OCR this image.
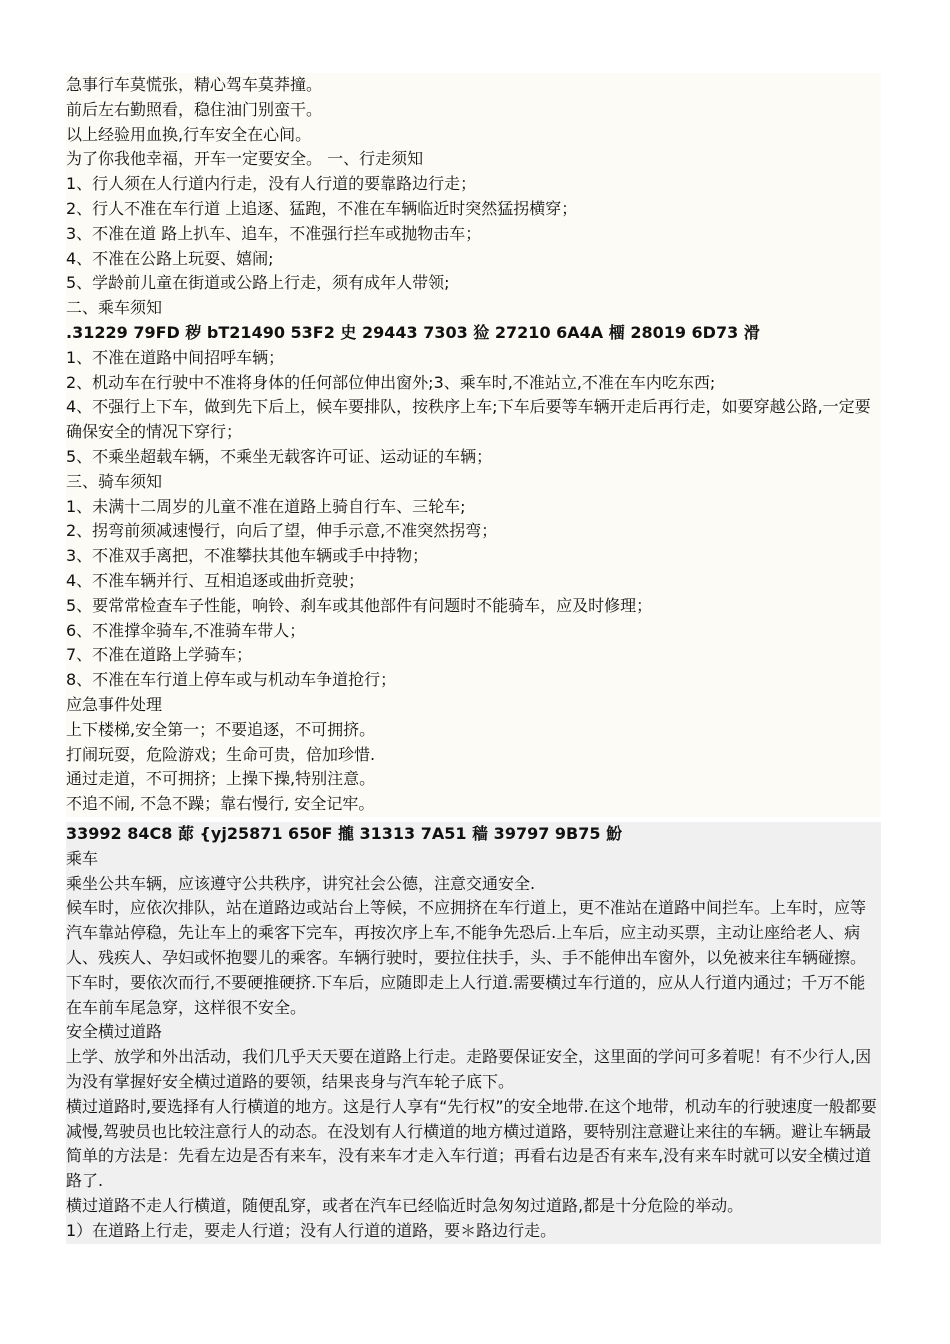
急事行车莫慌张，精心驾车莫莽撞。

前后左右勤照看，稳住油门别蛮干。

以上经验用血换,行车安全在心间。

为了你我他幸福，开车一定要安全。 一、行走须知

1、行人须在人行道内行走，没有人行道的要靠路边行走；

2、行人不准在车行道 上追逐、猛跑，不准在车辆临近时突然猛拐横穿；

3、不准在道 路上扒车、追车，不准强行拦车或抛物击车；

4、不准在公路上玩耍、嬉闹;

5、学龄前儿童在街道或公路上行走，须有成年人带领;

二、乘车须知

.31229 79FD 秽 bT21490 53F2 史 29443 7303 猃 27210 6A4A 橊 28019 6D73 滑

1、不准在道路中间招呼车辆；

2、机动车在行驶中不准将身体的任何部位伸出窗外;3、乘车时,不准站立,不准在车内吃东西;

4、不强行上下车，做到先下后上，候车要排队，按秩序上车;下车后要等车辆开走后再行走，如要穿越公路,一定要确保安全的情况下穿行；

5、不乘坐超载车辆，不乘坐无载客许可证、运动证的车辆；

三、骑车须知

1、未满十二周岁的儿童不准在道路上骑自行车、三轮车;

2、拐弯前须减速慢行，向后了望，伸手示意,不准突然拐弯；

3、不准双手离把，不准攀扶其他车辆或手中持物；

4、不准车辆并行、互相追逐或曲折竞驶；

5、要常常检查车子性能，响铃、刹车或其他部件有问题时不能骑车，应及时修理；

6、不准撑伞骑车,不准骑车带人；

7、不准在道路上学骑车；

8、不准在车行道上停车或与机动车争道抢行；

应急事件处理

上下楼梯,安全第一；不要追逐，不可拥挤。

打闹玩耍，危险游戏；生命可贵，倍加珍惜.

通过走道，不可拥挤；上操下操,特别注意。

不追不闹, 不急不躁；靠右慢行, 安全记牢。

33992 84C8 蓈 {yj25871 650F 攏 31313 7A51 穑 39797 9B75 魵

乘车

乘坐公共车辆，应该遵守公共秩序，讲究社会公德，注意交通安全.

候车时，应依次排队，站在道路边或站台上等候，不应拥挤在车行道上，更不准站在道路中间拦车。上车时，应等汽车靠站停稳，先让车上的乘客下完车，再按次序上车,不能争先恐后.上车后，应主动买票，主动让座给老人、病人、残疾人、孕妇或怀抱婴儿的乘客。车辆行驶时，要拉住扶手，头、手不能伸出车窗外，以免被来往车辆碰擦。下车时，要依次而行,不要硬推硬挤.下车后，应随即走上人行道.需要横过车行道的，应从人行道内通过；千万不能在车前车尾急穿，这样很不安全。

安全横过道路

上学、放学和外出活动，我们几乎天天要在道路上行走。走路要保证安全，这里面的学问可多着呢！有不少行人,因为没有掌握好安全横过道路的要领，结果丧身与汽车轮子底下。

横过道路时,要选择有人行横道的地方。这是行人享有“先行权”的安全地带.在这个地带，机动车的行驶速度一般都要减慢,驾驶员也比较注意行人的动态。在没划有人行横道的地方横过道路，要特别注意避让来往的车辆。避让车辆最简单的方法是：先看左边是否有来车，没有来车才走入车行道；再看右边是否有来车,没有来车时就可以安全横过道路了.

横过道路不走人行横道，随便乱穿，或者在汽车已经临近时急匆匆过道路,都是十分危险的举动。

1）在道路上行走，要走人行道；没有人行道的道路，要＊路边行走。
